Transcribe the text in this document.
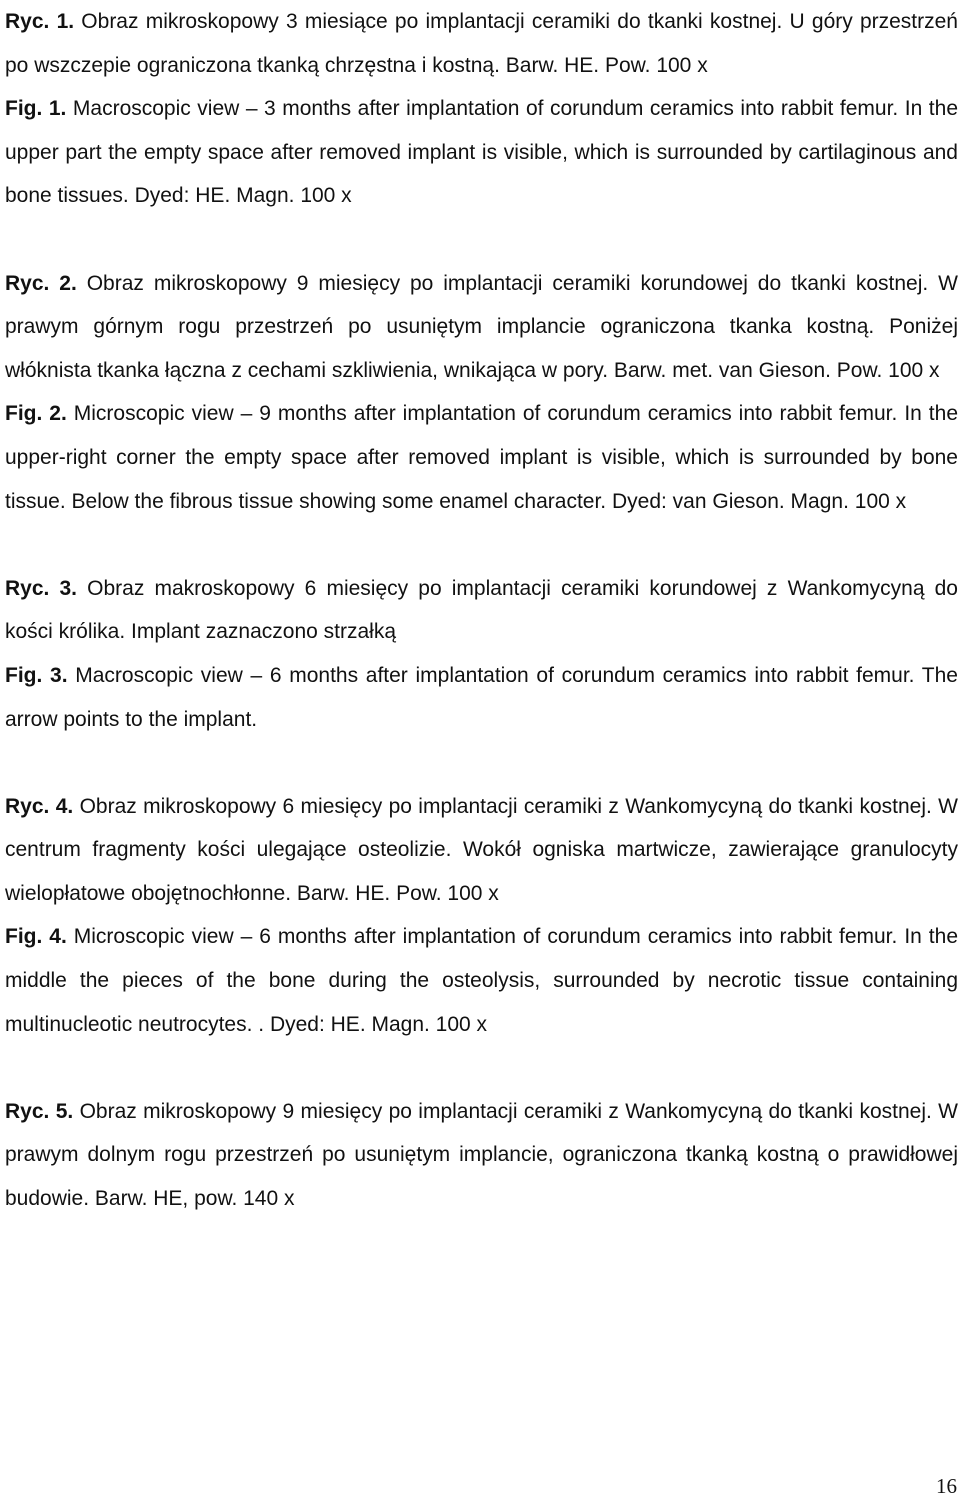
Ryc. 1. Obraz mikroskopowy 3 miesiące po implantacji ceramiki do tkanki kostnej. U góry przestrzeń po wszczepie ograniczona tkanką chrzęstna i kostną. Barw. HE. Pow. 100 x

Fig. 1. Macroscopic view – 3 months after implantation of corundum ceramics into rabbit femur. In the upper part the empty space after removed implant is visible, which is surrounded by cartilaginous and bone tissues. Dyed: HE. Magn. 100 x

Ryc. 2. Obraz mikroskopowy 9 miesięcy po implantacji ceramiki korundowej do tkanki kostnej. W prawym górnym rogu przestrzeń po usuniętym implancie ograniczona tkanka kostną. Poniżej włóknista tkanka łączna z cechami szkliwienia, wnikająca w pory. Barw. met. van Gieson. Pow. 100 x

Fig. 2. Microscopic view – 9 months after implantation of corundum ceramics into rabbit femur. In the upper-right corner the empty space after removed implant is visible, which is surrounded by bone tissue. Below the fibrous tissue showing some enamel character. Dyed: van Gieson. Magn. 100 x

Ryc. 3. Obraz makroskopowy 6 miesięcy po implantacji ceramiki korundowej z Wankomycyną do kości królika. Implant zaznaczono strzałką

Fig. 3. Macroscopic view – 6 months after implantation of corundum ceramics into rabbit femur. The arrow points to the implant.

Ryc. 4. Obraz mikroskopowy 6 miesięcy po implantacji ceramiki z Wankomycyną do tkanki kostnej. W centrum fragmenty kości ulegające osteolizie. Wokół ogniska martwicze, zawierające granulocyty wielopłatowe obojętnochłonne. Barw. HE. Pow. 100 x

Fig. 4. Microscopic view – 6 months after implantation of corundum ceramics into rabbit femur. In the middle the pieces of the bone during the osteolysis, surrounded by necrotic tissue containing multinucleotic neutrocytes. . Dyed: HE. Magn. 100 x

Ryc. 5. Obraz mikroskopowy 9 miesięcy po implantacji ceramiki z Wankomycyną do tkanki kostnej. W prawym dolnym rogu przestrzeń po usuniętym implancie, ograniczona tkanką kostną o prawidłowej budowie. Barw. HE, pow. 140 x

16
